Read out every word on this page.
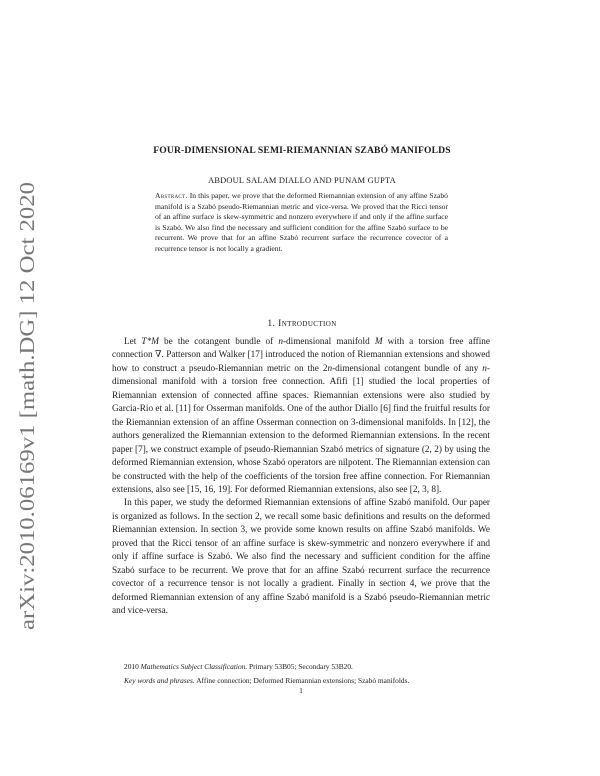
arXiv:2010.06169v1 [math.DG] 12 Oct 2020
FOUR-DIMENSIONAL SEMI-RIEMANNIAN SZABÓ MANIFOLDS
ABDOUL SALAM DIALLO AND PUNAM GUPTA
Abstract. In this paper, we prove that the deformed Riemannian extension of any affine Szabó manifold is a Szabó pseudo-Riemannian metric and vice-versa. We proved that the Ricci tensor of an affine surface is skew-symmetric and nonzero everywhere if and only if the affine surface is Szabó. We also find the necessary and sufficient condition for the affine Szabó surface to be recurrent. We prove that for an affine Szabó recurrent surface the recurrence covector of a recurrence tensor is not locally a gradient.
1. Introduction

Let T*M be the cotangent bundle of n-dimensional manifold M with a torsion free affine connection ∇. Patterson and Walker [17] introduced the notion of Riemannian extensions and showed how to construct a pseudo-Riemannian metric on the 2n-dimensional cotangent bundle of any n-dimensional manifold with a torsion free connection. Afifi [1] studied the local properties of Riemannian extension of connected affine spaces. Riemannian extensions were also studied by Garcia-Rio et al. [11] for Osserman manifolds. One of the author Diallo [6] find the fruitful results for the Riemannian extension of an affine Osserman connection on 3-dimensional manifolds. In [12], the authors generalized the Riemannian extension to the deformed Riemannian extensions. In the recent paper [7], we construct example of pseudo-Riemannian Szabó metrics of signature (2, 2) by using the deformed Riemannian extension, whose Szabó operators are nilpotent. The Riemannian extension can be constructed with the help of the coefficients of the torsion free affine connection. For Riemannian extensions, also see [15, 16, 19]. For deformed Riemannian extensions, also see [2, 3, 8].

In this paper, we study the deformed Riemannian extensions of affine Szabó manifold. Our paper is organized as follows. In the section 2, we recall some basic definitions and results on the deformed Riemannian extension. In section 3, we provide some known results on affine Szabó manifolds. We proved that the Ricci tensor of an affine surface is skew-symmetric and nonzero everywhere if and only if affine surface is Szabó. We also find the necessary and sufficient condition for the affine Szabó surface to be recurrent. We prove that for an affine Szabó recurrent surface the recurrence covector of a recurrence tensor is not locally a gradient. Finally in section 4, we prove that the deformed Riemannian extension of any affine Szabó manifold is a Szabó pseudo-Riemannian metric and vice-versa.

2010 Mathematics Subject Classification. Primary 53B05; Secondary 53B20.
Key words and phrases. Affine connection; Deformed Riemannian extensions; Szabó manifolds.
1
